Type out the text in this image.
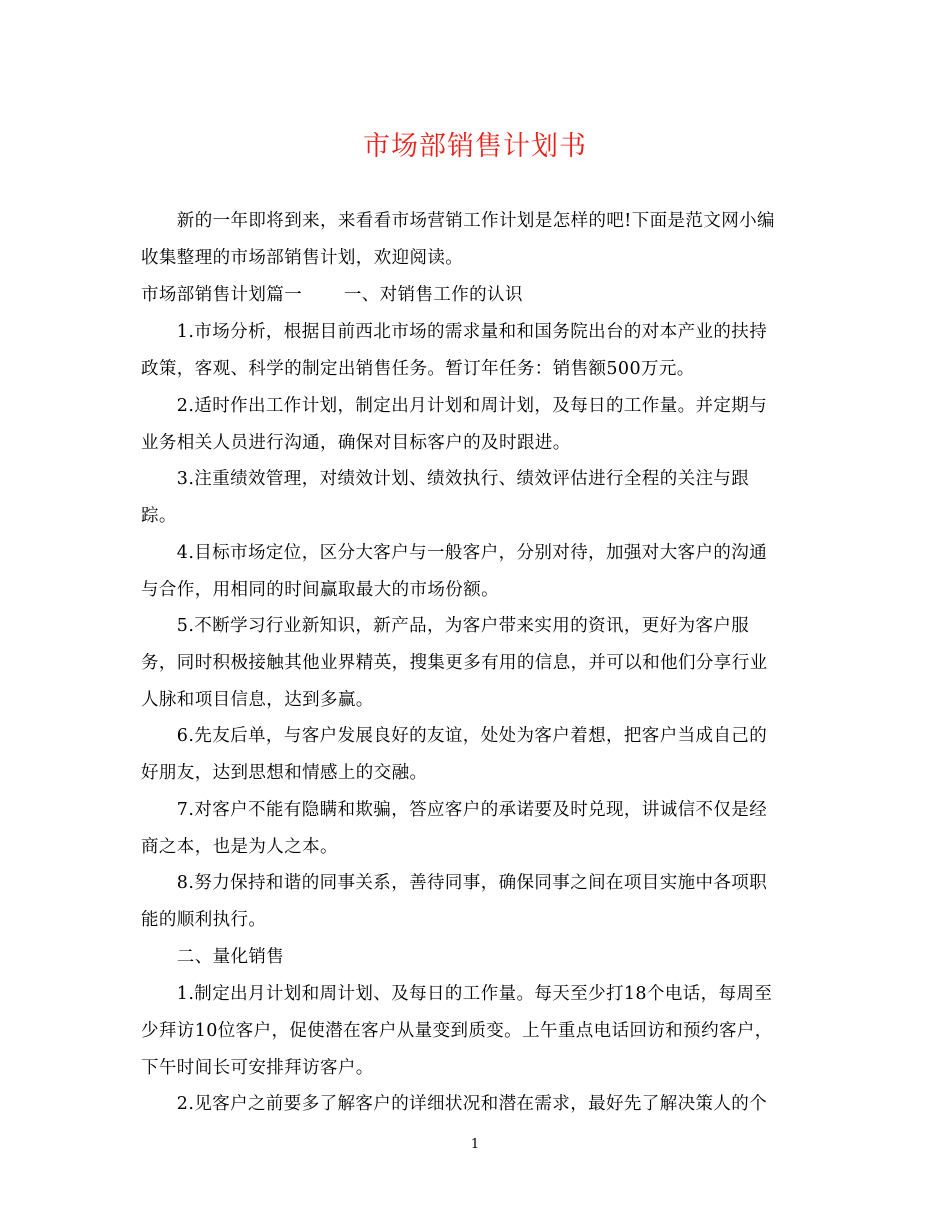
市场部销售计划书
　　新的一年即将到来，来看看市场营销工作计划是怎样的吧!下面是范文网小编
收集整理的市场部销售计划，欢迎阅读。
市场部销售计划篇一　　 一、对销售工作的认识
　　1.市场分析，根据目前西北市场的需求量和和国务院出台的对本产业的扶持
政策，客观、科学的制定出销售任务。暂订年任务：销售额500万元。
　　2.适时作出工作计划，制定出月计划和周计划，及每日的工作量。并定期与
业务相关人员进行沟通，确保对目标客户的及时跟进。
　　3.注重绩效管理，对绩效计划、绩效执行、绩效评估进行全程的关注与跟
踪。
　　4.目标市场定位，区分大客户与一般客户，分别对待，加强对大客户的沟通
与合作，用相同的时间赢取最大的市场份额。
　　5.不断学习行业新知识，新产品，为客户带来实用的资讯，更好为客户服
务，同时积极接触其他业界精英，搜集更多有用的信息，并可以和他们分享行业
人脉和项目信息，达到多赢。
　　6.先友后单，与客户发展良好的友谊，处处为客户着想，把客户当成自己的
好朋友，达到思想和情感上的交融。
　　7.对客户不能有隐瞒和欺骗，答应客户的承诺要及时兑现，讲诚信不仅是经
商之本，也是为人之本。
　　8.努力保持和谐的同事关系，善待同事，确保同事之间在项目实施中各项职
能的顺利执行。
　　二、量化销售
　　1.制定出月计划和周计划、及每日的工作量。每天至少打18个电话，每周至
少拜访10位客户，促使潜在客户从量变到质变。上午重点电话回访和预约客户，
下午时间长可安排拜访客户。
　　2.见客户之前要多了解客户的详细状况和潜在需求，最好先了解决策人的个
1
